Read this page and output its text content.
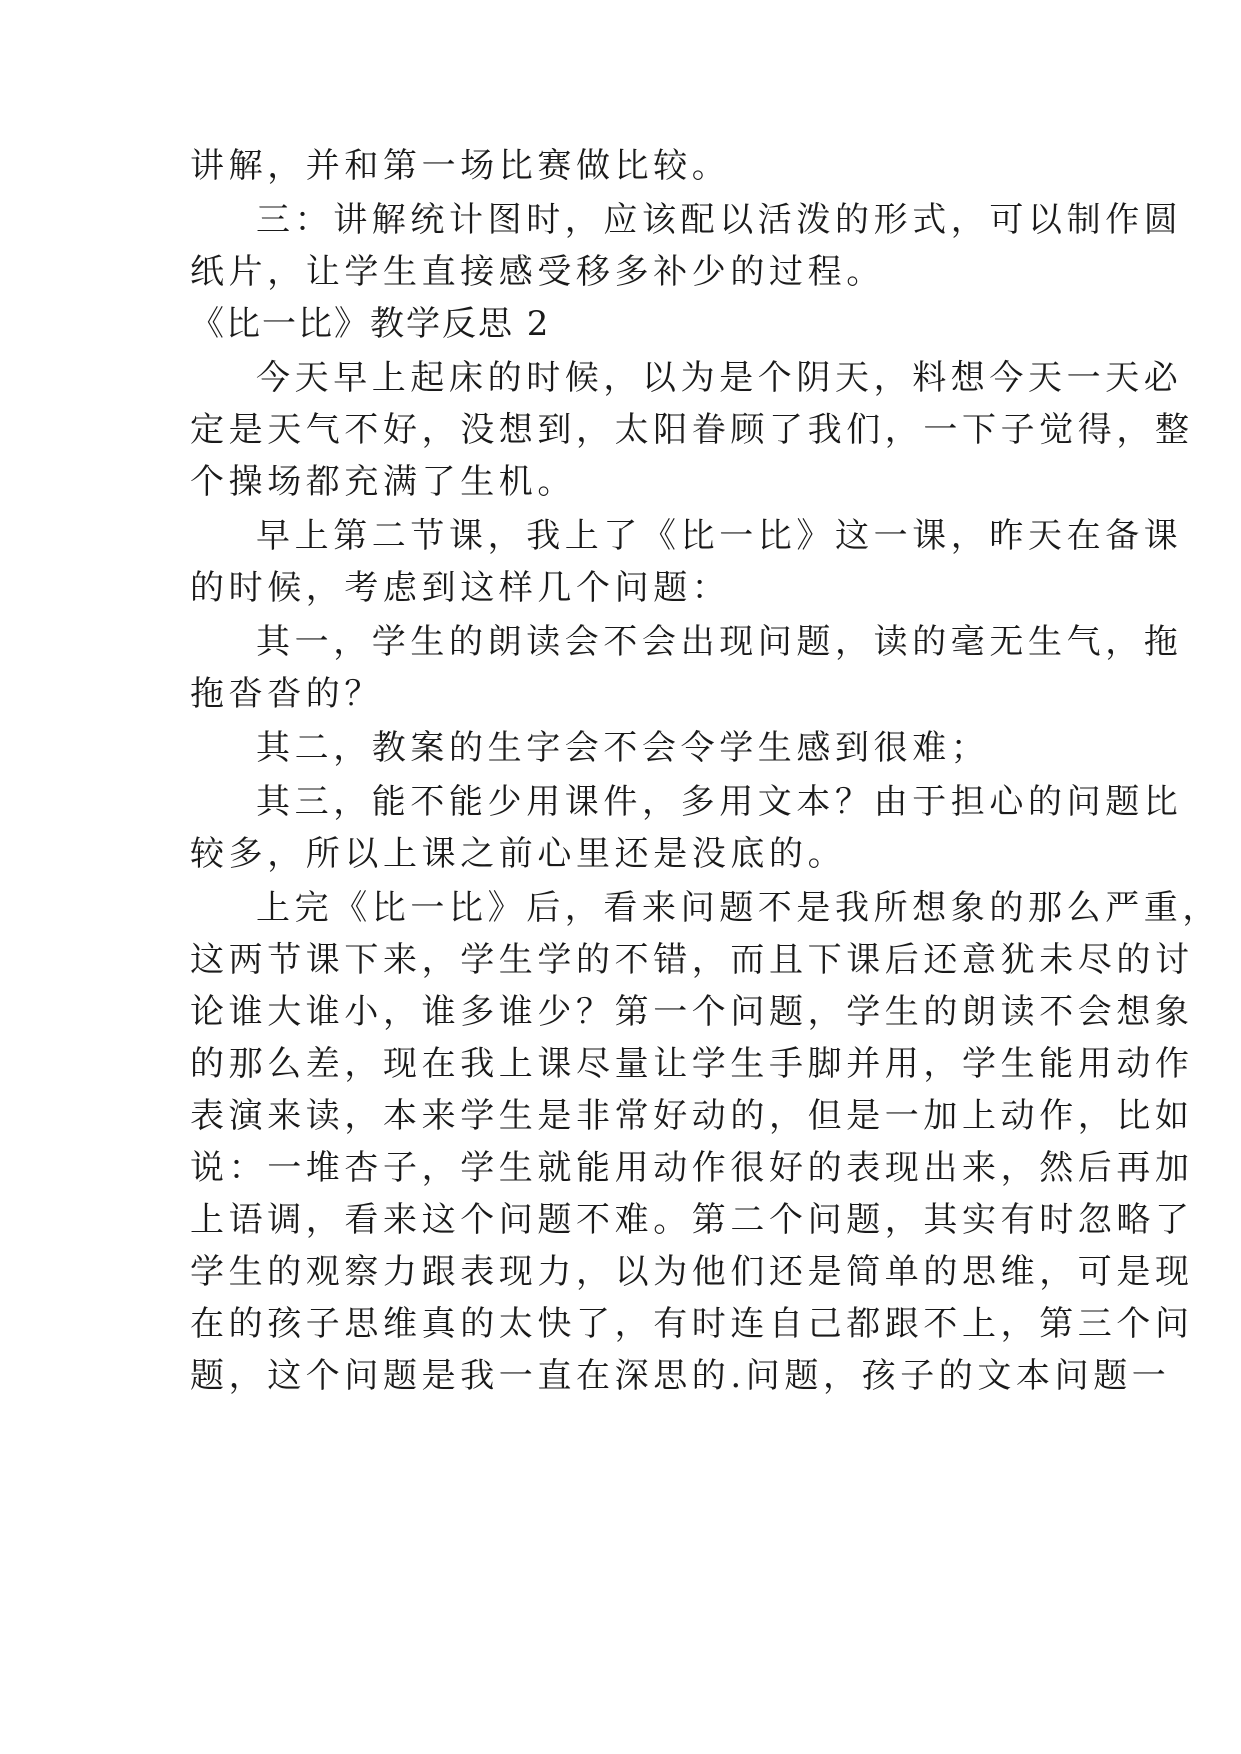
讲解，并和第一场比赛做比较。
三：讲解统计图时，应该配以活泼的形式，可以制作圆
纸片，让学生直接感受移多补少的过程。
《比一比》教学反思 2
今天早上起床的时候，以为是个阴天，料想今天一天必
定是天气不好，没想到，太阳眷顾了我们，一下子觉得，整
个操场都充满了生机。
早上第二节课，我上了《比一比》这一课，昨天在备课
的时候，考虑到这样几个问题：
其一，学生的朗读会不会出现问题，读的毫无生气，拖
拖沓沓的？
其二，教案的生字会不会令学生感到很难；
其三，能不能少用课件，多用文本？由于担心的问题比
较多，所以上课之前心里还是没底的。
上完《比一比》后，看来问题不是我所想象的那么严重，
这两节课下来，学生学的不错，而且下课后还意犹未尽的讨
论谁大谁小，谁多谁少？第一个问题，学生的朗读不会想象
的那么差，现在我上课尽量让学生手脚并用，学生能用动作
表演来读，本来学生是非常好动的，但是一加上动作，比如
说：一堆杏子，学生就能用动作很好的表现出来，然后再加
上语调，看来这个问题不难。第二个问题，其实有时忽略了
学生的观察力跟表现力，以为他们还是简单的思维，可是现
在的孩子思维真的太快了，有时连自己都跟不上，第三个问
题，这个问题是我一直在深思的.问题，孩子的文本问题一
